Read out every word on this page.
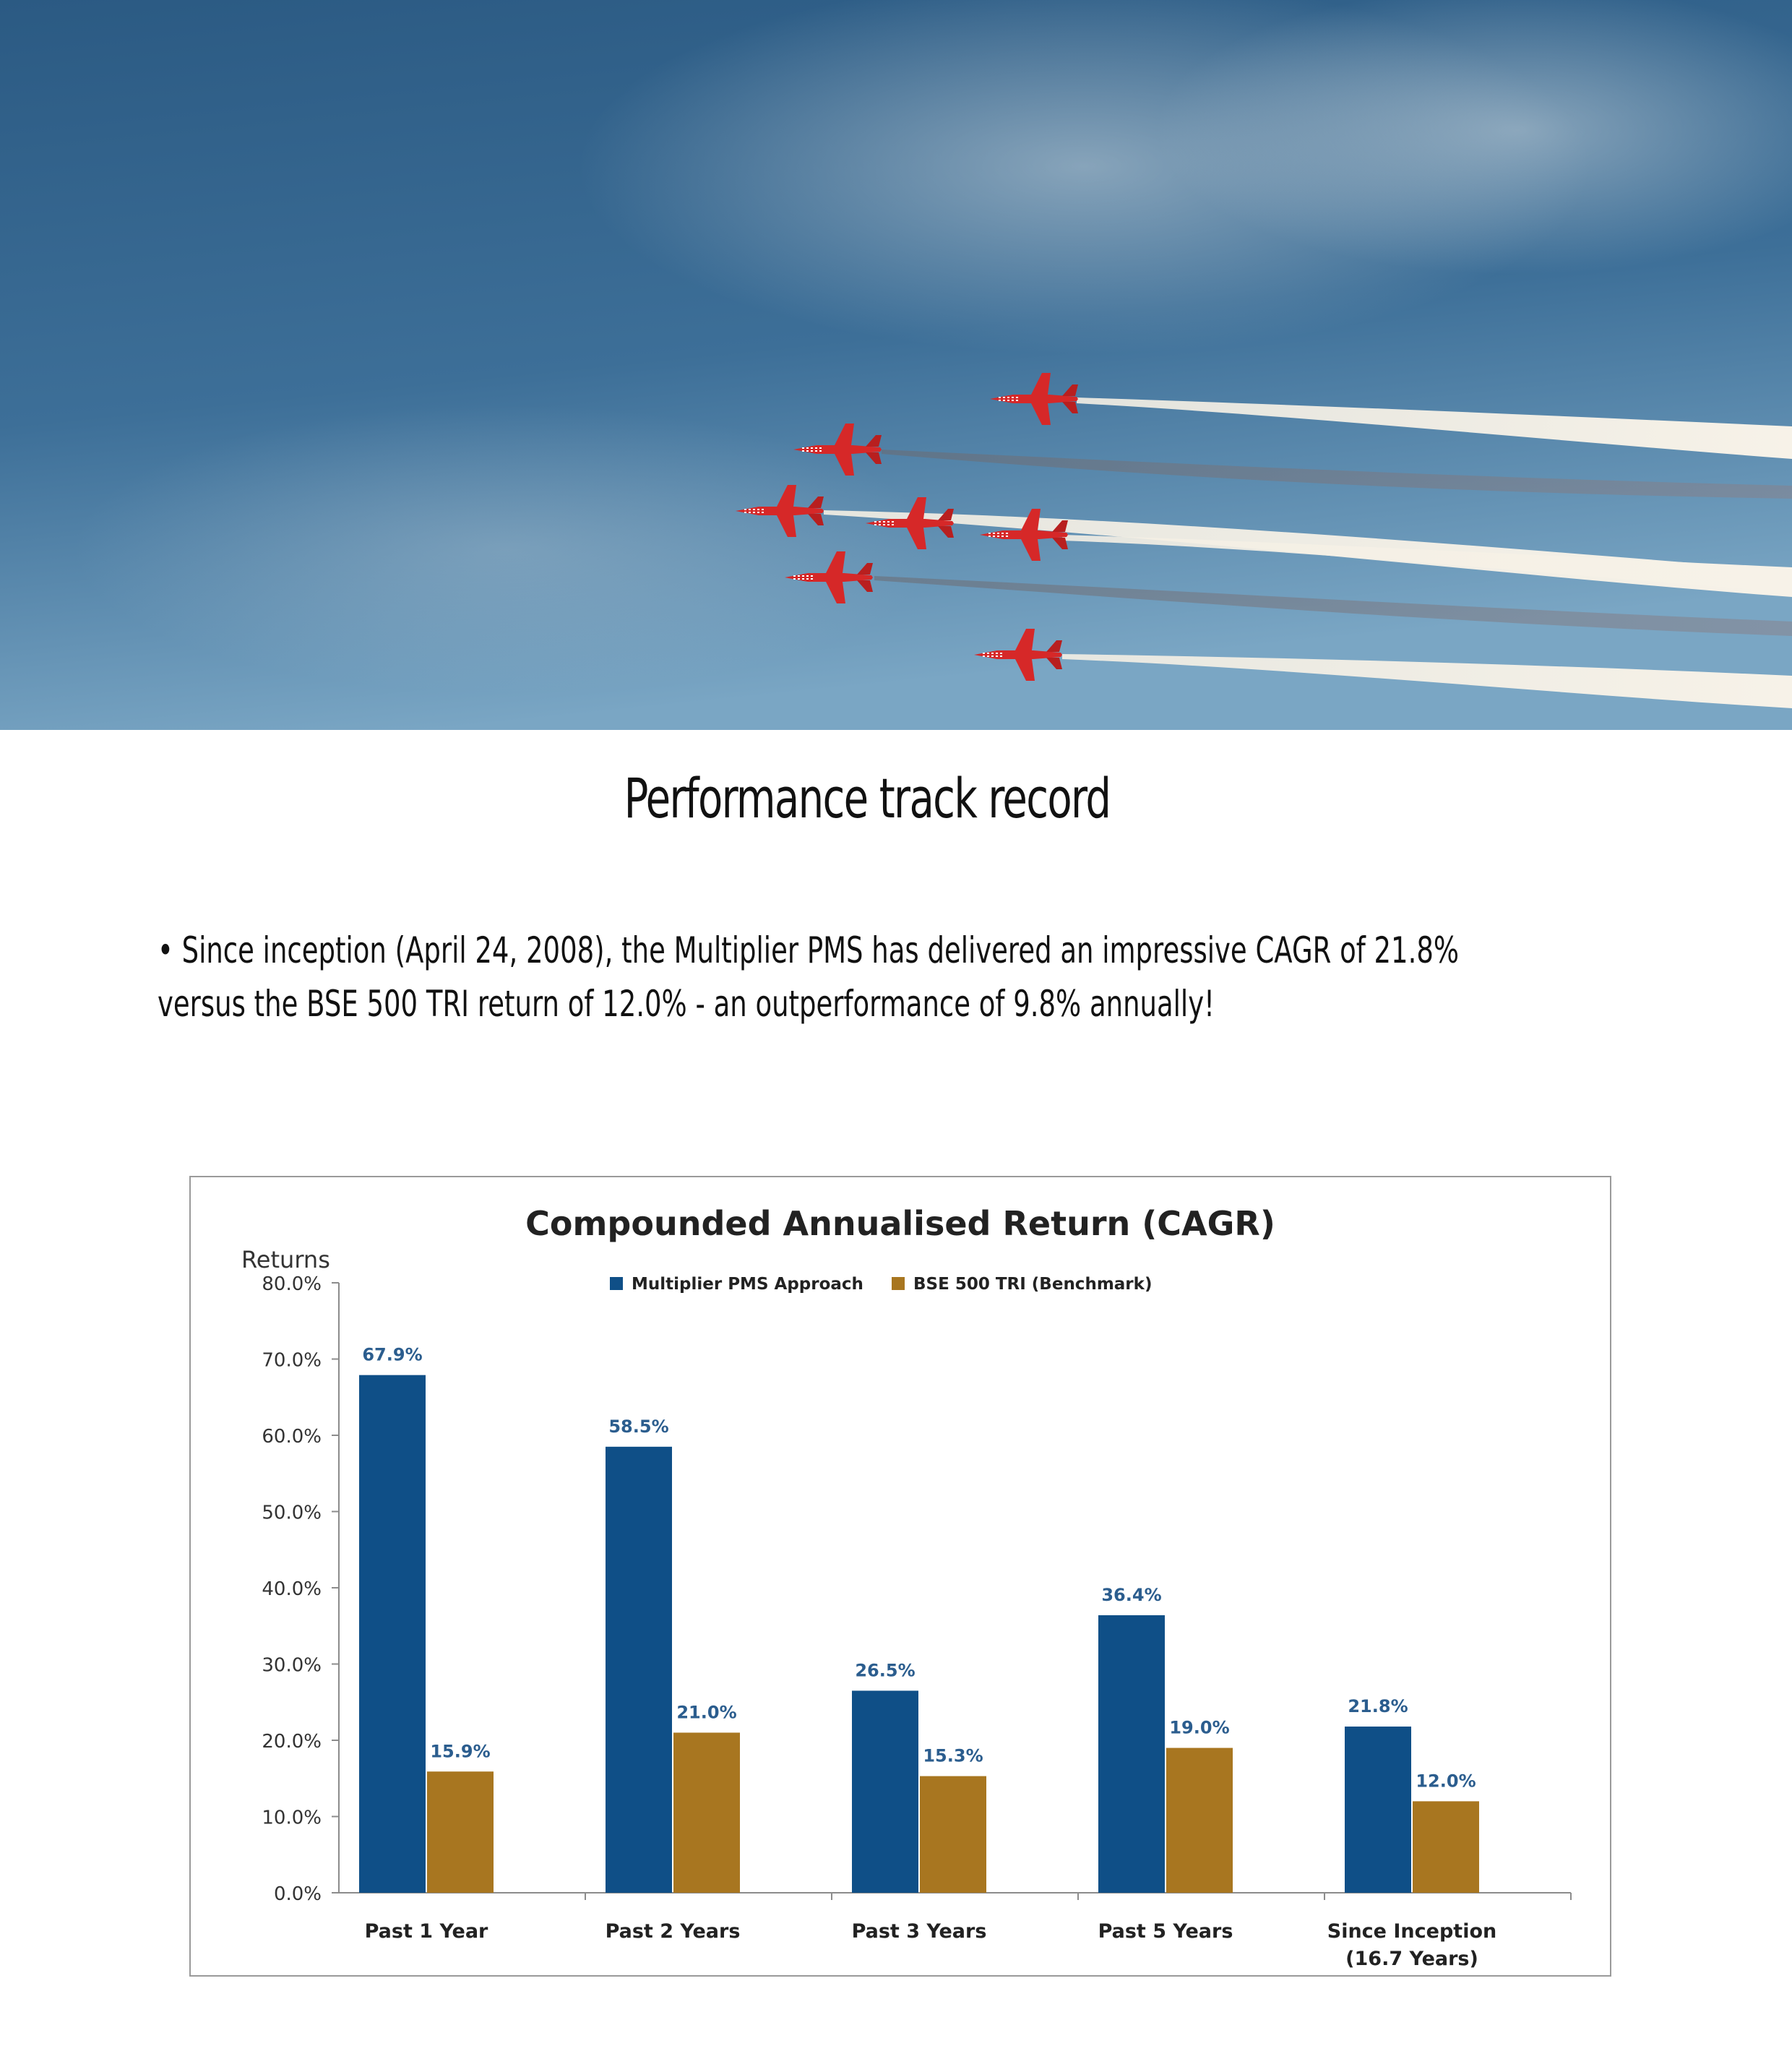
Performance track record

• Since inception (April 24, 2008), the Multiplier PMS has delivered an impressive CAGR of 21.8%

versus the BSE 500 TRI return of 12.0% - an outperformance of 9.8% annually!

Compounded Annualised Return (CAGR)
Returns
Multiplier PMS Approach	BSE 500 TRI (Benchmark)
0.0%
10.0%
20.0%
30.0%
40.0%
50.0%
60.0%
70.0%
80.0%
Past 1 Year	Past 2 Years	Past 3 Years	Past 5 Years	Since Inception
(16.7 Years)
67.9%
15.9%
58.5%
21.0%
26.5%
15.3%
36.4%
19.0%
21.8%
12.0%
